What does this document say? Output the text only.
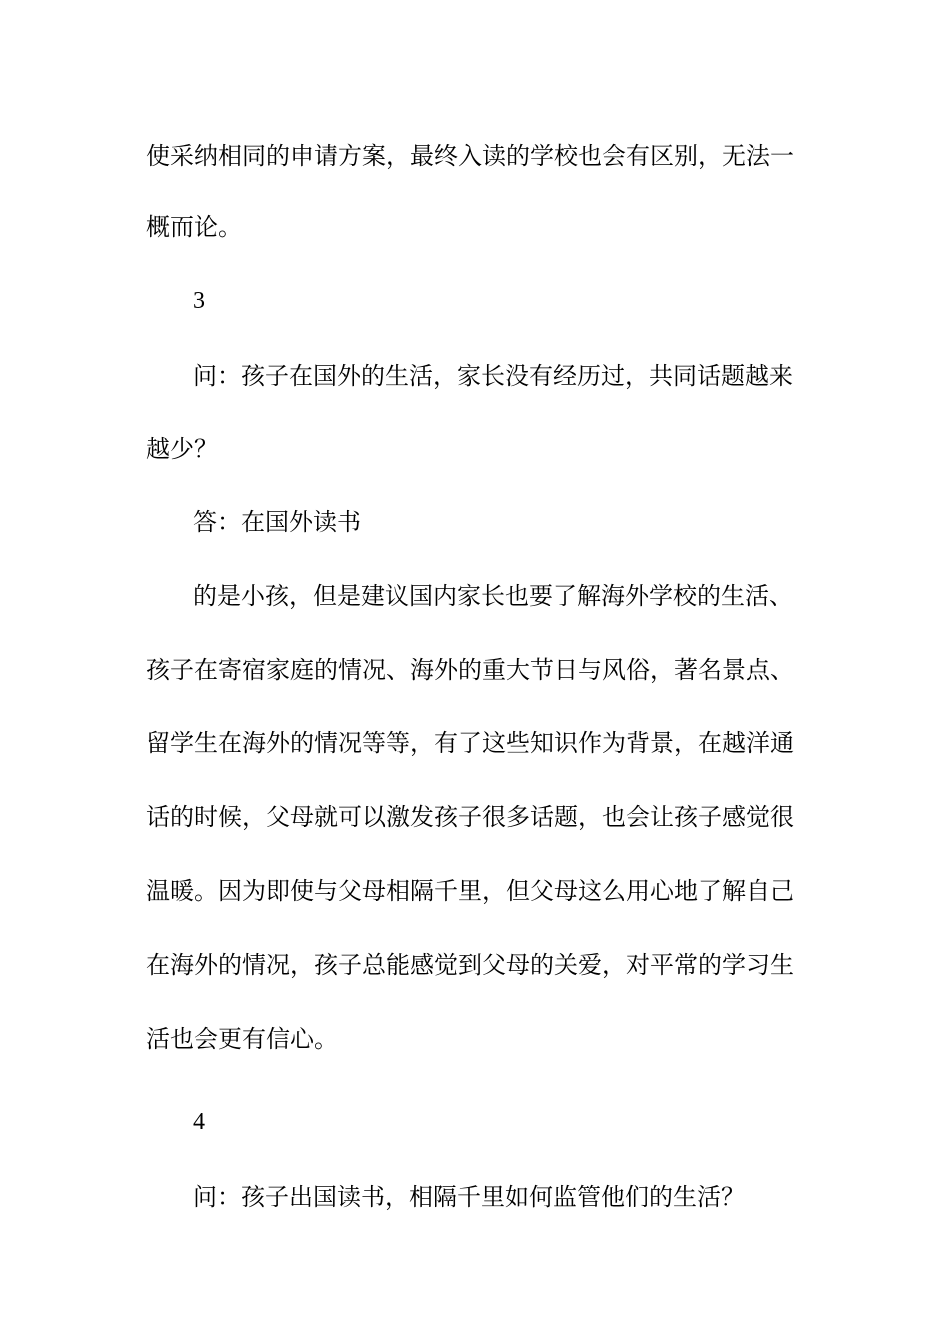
使采纳相同的申请方案，最终入读的学校也会有区别，无法一

概而论。

3

问：孩子在国外的生活，家长没有经历过，共同话题越来

越少？

答：在国外读书

的是小孩，但是建议国内家长也要了解海外学校的生活、

孩子在寄宿家庭的情况、海外的重大节日与风俗，著名景点、

留学生在海外的情况等等，有了这些知识作为背景，在越洋通

话的时候，父母就可以激发孩子很多话题，也会让孩子感觉很

温暖。因为即使与父母相隔千里，但父母这么用心地了解自己

在海外的情况，孩子总能感觉到父母的关爱，对平常的学习生

活也会更有信心。

4

问：孩子出国读书，相隔千里如何监管他们的生活？
